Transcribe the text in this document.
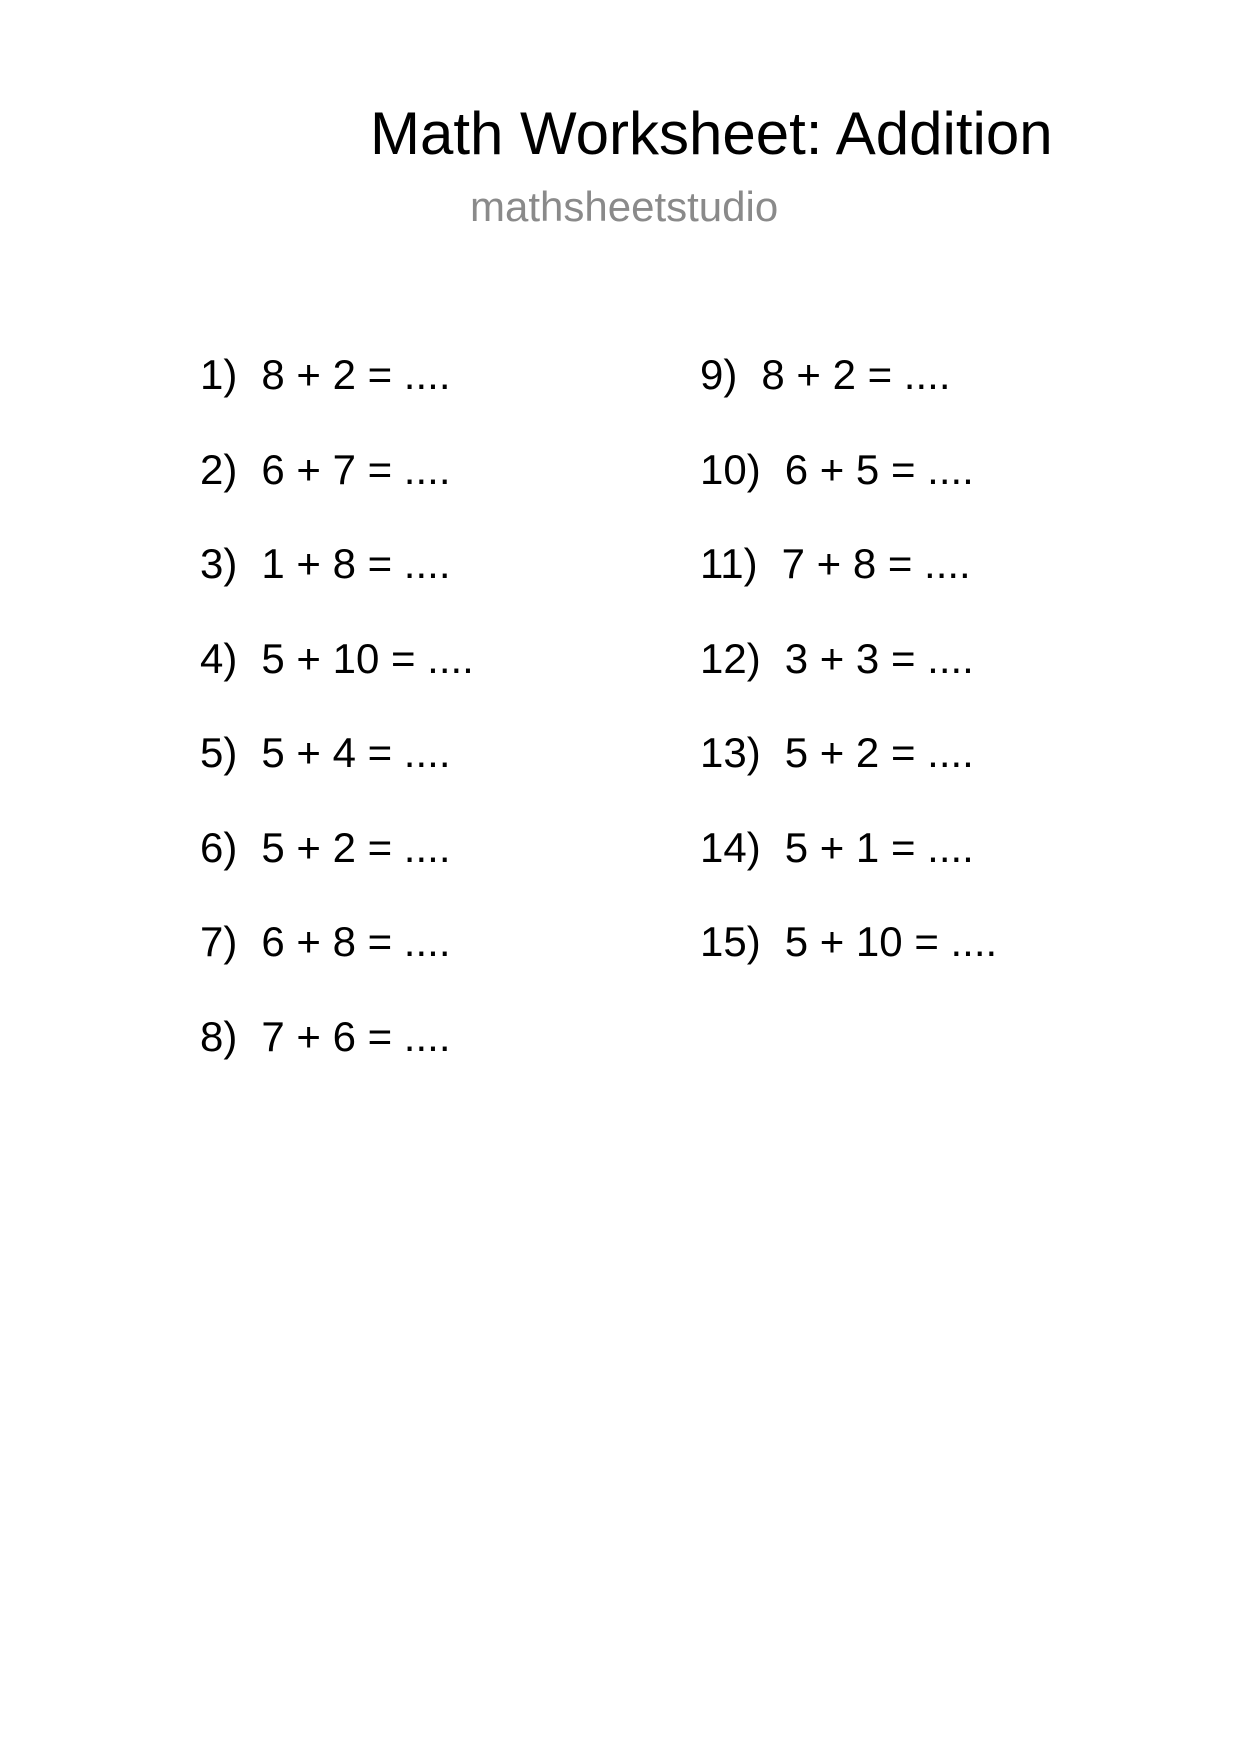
Math Worksheet: Addition
mathsheetstudio
1) 8 + 2 = ....
2) 6 + 7 = ....
3) 1 + 8 = ....
4) 5 + 10 = ....
5) 5 + 4 = ....
6) 5 + 2 = ....
7) 6 + 8 = ....
8) 7 + 6 = ....
9) 8 + 2 = ....
10) 6 + 5 = ....
11) 7 + 8 = ....
12) 3 + 3 = ....
13) 5 + 2 = ....
14) 5 + 1 = ....
15) 5 + 10 = ....
